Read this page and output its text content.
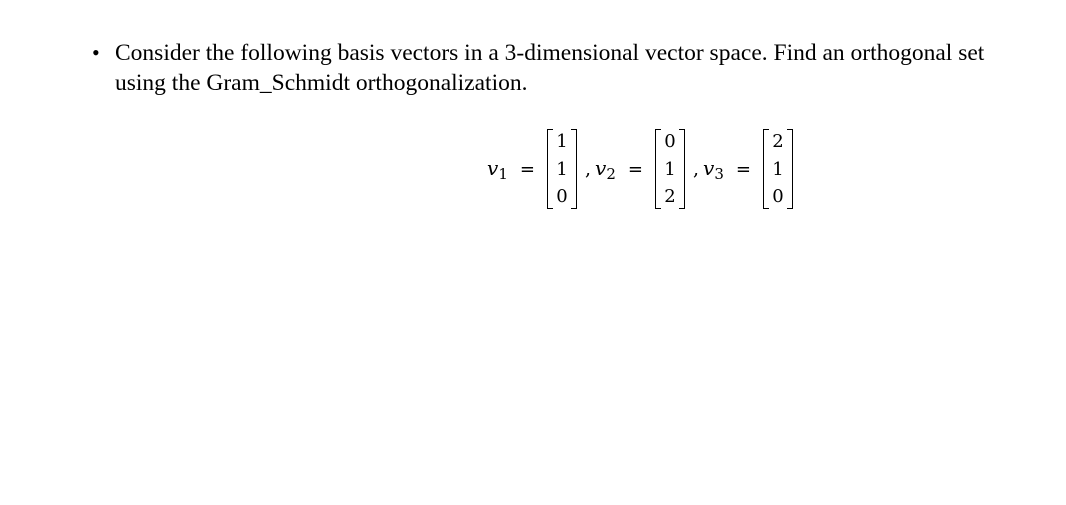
• Consider the following basis vectors in a 3-dimensional vector space. Find an orthogonal set
using the Gram_Schmidt orthogonalization.
$v_1$ =
1
1
0
, $v_2$ =
0
1
2
, $v_3$ =
2
1
0
